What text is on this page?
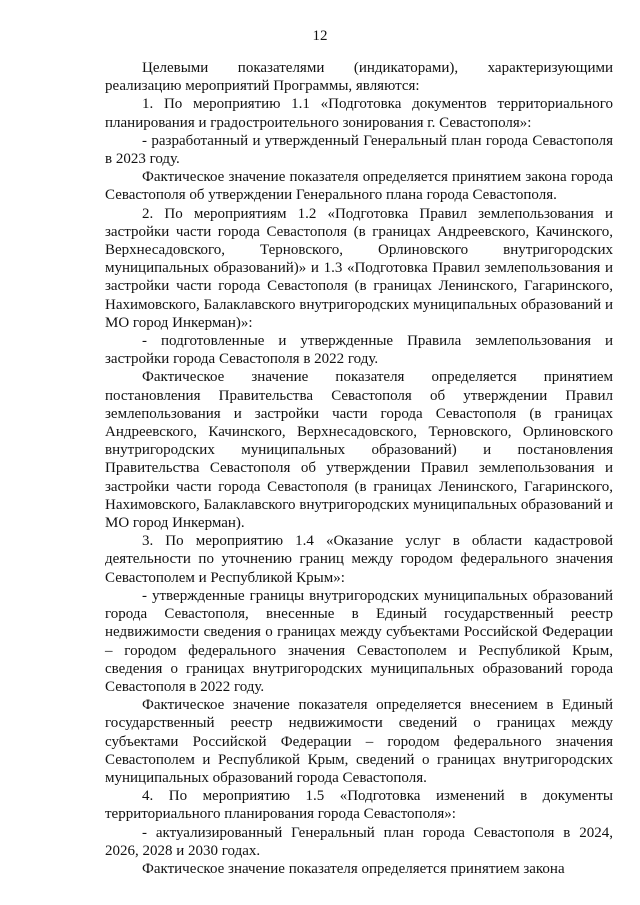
12

Целевыми показателями (индикаторами), характеризующими реализацию мероприятий Программы, являются:

1. По мероприятию 1.1 «Подготовка документов территориального планирования и градостроительного зонирования г. Севастополя»:

- разработанный и утвержденный Генеральный план города Севастополя в 2023 году.

Фактическое значение показателя определяется принятием закона города Севастополя об утверждении Генерального плана города Севастополя.

2. По мероприятиям 1.2 «Подготовка Правил землепользования и застройки части города Севастополя (в границах Андреевского, Качинского, Верхнесадовского, Терновского, Орлиновского внутригородских муниципальных образований)» и 1.3 «Подготовка Правил землепользования и застройки части города Севастополя (в границах Ленинского, Гагаринского, Нахимовского, Балаклавского внутригородских муниципальных образований и МО город Инкерман)»:

- подготовленные и утвержденные Правила землепользования и застройки города Севастополя в 2022 году.

Фактическое значение показателя определяется принятием постановления Правительства Севастополя об утверждении Правил землепользования и застройки части города Севастополя (в границах Андреевского, Качинского, Верхнесадовского, Терновского, Орлиновского внутригородских муниципальных образований) и постановления Правительства Севастополя об утверждении Правил землепользования и застройки части города Севастополя (в границах Ленинского, Гагаринского, Нахимовского, Балаклавского внутригородских муниципальных образований и МО город Инкерман).

3. По мероприятию 1.4 «Оказание услуг в области кадастровой деятельности по уточнению границ между городом федерального значения Севастополем и Республикой Крым»:

- утвержденные границы внутригородских муниципальных образований города Севастополя, внесенные в Единый государственный реестр недвижимости сведения о границах между субъектами Российской Федерации – городом федерального значения Севастополем и Республикой Крым, сведения о границах внутригородских муниципальных образований города Севастополя в 2022 году.

Фактическое значение показателя определяется внесением в Единый государственный реестр недвижимости сведений о границах между субъектами Российской Федерации – городом федерального значения Севастополем и Республикой Крым, сведений о границах внутригородских муниципальных образований города Севастополя.

4. По мероприятию 1.5 «Подготовка изменений в документы территориального планирования города Севастополя»:

- актуализированный Генеральный план города Севастополя в 2024, 2026, 2028 и 2030 годах.

Фактическое значение показателя определяется принятием закона
